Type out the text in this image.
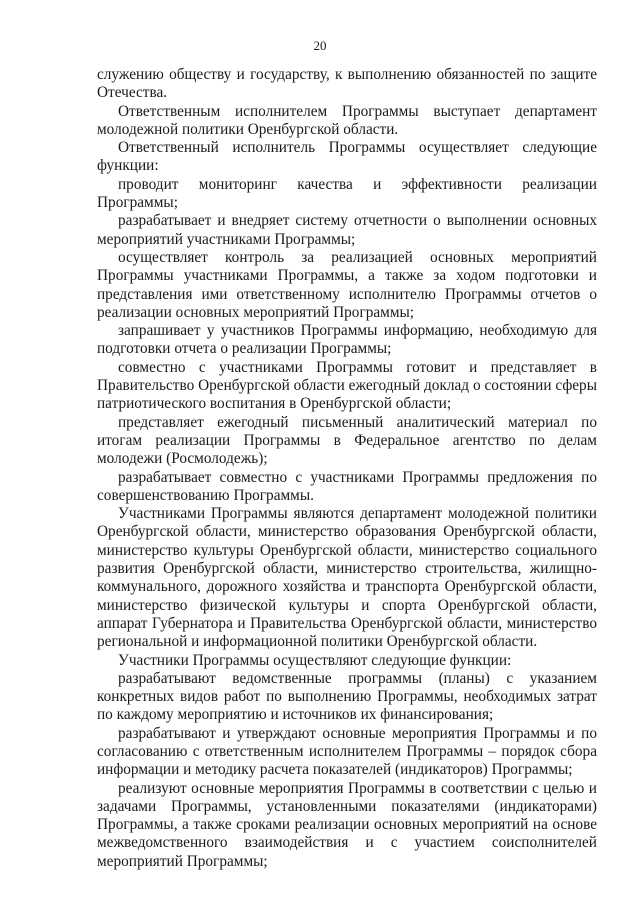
20

служению обществу и государству, к выполнению обязанностей по защите Отечества.

Ответственным исполнителем Программы выступает департамент молодежной политики Оренбургской области.

Ответственный исполнитель Программы осуществляет следующие функции:

проводит мониторинг качества и эффективности реализации Программы;

разрабатывает и внедряет систему отчетности о выполнении основных мероприятий участниками Программы;

осуществляет контроль за реализацией основных мероприятий Программы участниками Программы, а также за ходом подготовки и представления ими ответственному исполнителю Программы отчетов о реализации основных мероприятий Программы;

запрашивает у участников Программы информацию, необходимую для подготовки отчета о реализации Программы;

совместно с участниками Программы готовит и представляет в Правительство Оренбургской области ежегодный доклад о состоянии сферы патриотического воспитания в Оренбургской области;

представляет ежегодный письменный аналитический материал по итогам реализации Программы в Федеральное агентство по делам молодежи (Росмолодежь);

разрабатывает совместно с участниками Программы предложения по совершенствованию Программы.

Участниками Программы являются департамент молодежной политики Оренбургской области, министерство образования Оренбургской области, министерство культуры Оренбургской области, министерство социального развития Оренбургской области, министерство строительства, жилищно-коммунального, дорожного хозяйства и транспорта Оренбургской области, министерство физической культуры и спорта Оренбургской области, аппарат Губернатора и Правительства Оренбургской области, министерство региональной и информационной политики Оренбургской области.

Участники Программы осуществляют следующие функции:

разрабатывают ведомственные программы (планы) с указанием конкретных видов работ по выполнению Программы, необходимых затрат по каждому мероприятию и источников их финансирования;

разрабатывают и утверждают основные мероприятия Программы и по согласованию с ответственным исполнителем Программы – порядок сбора информации и методику расчета показателей (индикаторов) Программы;

реализуют основные мероприятия Программы в соответствии с целью и задачами Программы, установленными показателями (индикаторами) Программы, а также сроками реализации основных мероприятий на основе межведомственного взаимодействия и с участием соисполнителей мероприятий Программы;
